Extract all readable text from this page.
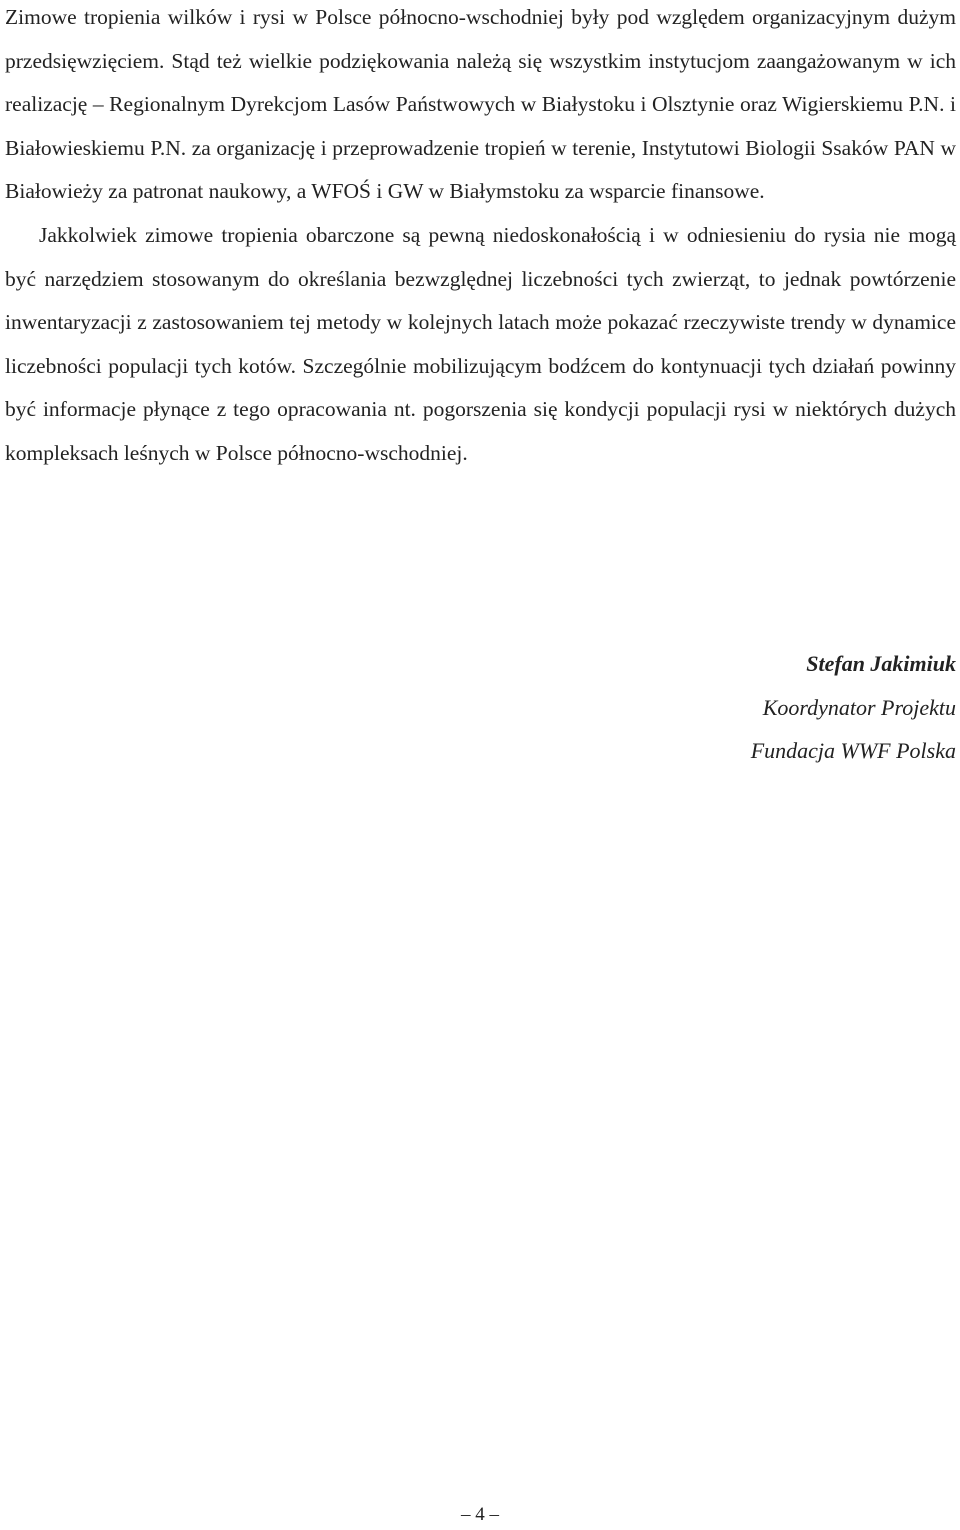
Zimowe tropienia wilków i rysi w Polsce północno-wschodniej były pod względem organizacyjnym dużym przedsięwzięciem. Stąd też wielkie podziękowania należą się wszystkim instytucjom zaangażowanym w ich realizację – Regionalnym Dyrekcjom Lasów Państwowych w Białystoku i Olsztynie oraz Wigierskiemu P.N. i Białowieskiemu P.N. za organizację i przeprowadzenie tropień w terenie, Instytutowi Biologii Ssaków PAN w Białowieży za patronat naukowy, a WFOŚ i GW w Białymstoku za wsparcie finansowe.

Jakkolwiek zimowe tropienia obarczone są pewną niedoskonałością i w odniesieniu do rysia nie mogą być narzędziem stosowanym do określania bezwzględnej liczebności tych zwierząt, to jednak powtórzenie inwentaryzacji z zastosowaniem tej metody w kolejnych latach może pokazać rzeczywiste trendy w dynamice liczebności populacji tych kotów. Szczególnie mobilizującym bodźcem do kontynuacji tych działań powinny być informacje płynące z tego opracowania nt. pogorszenia się kondycji populacji rysi w niektórych dużych kompleksach leśnych w Polsce północno-wschodniej.

Stefan Jakimiuk
Koordynator Projektu
Fundacja WWF Polska
– 4 –
